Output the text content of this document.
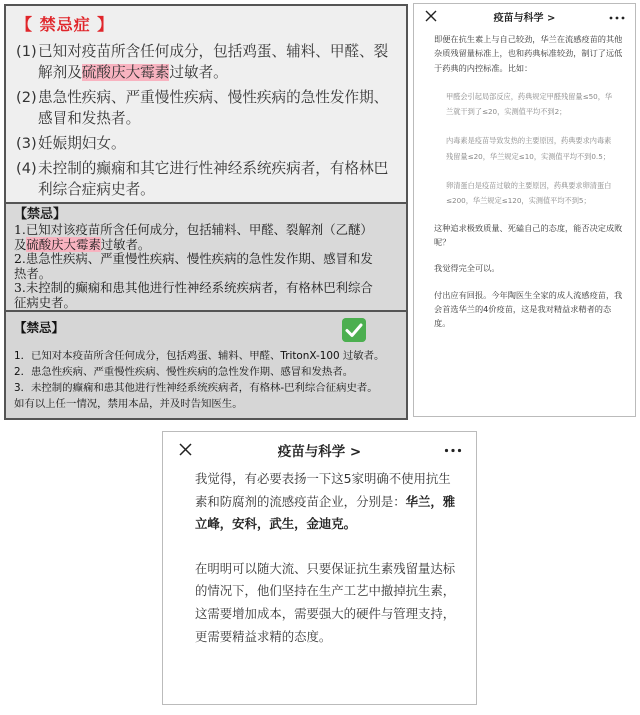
【 禁忌症 】
(1) 已知对疫苗所含任何成分，包括鸡蛋、辅料、甲醛、裂解剂及硫酸庆大霉素过敏者。
(2) 患急性疾病、严重慢性疾病、慢性疾病的急性发作期、感冒和发热者。
(3) 妊娠期妇女。
(4) 未控制的癫痫和其它进行性神经系统疾病者，有格林巴利综合症病史者。
【禁忌】
1.已知对该疫苗所含任何成分，包括辅料、甲醛、裂解剂（乙醚）
及硫酸庆大霉素过敏者。
2.患急性疾病、严重慢性疾病、慢性疾病的急性发作期、感冒和发
热者。
3.未控制的癫痫和患其他进行性神经系统疾病者，有格林巴利综合
征病史者。
【禁忌】
1．已知对本疫苗所含任何成分，包括鸡蛋、辅料、甲醛、TritonX-100 过敏者。
2．患急性疾病、严重慢性疾病、慢性疾病的急性发作期、感冒和发热者。
3．未控制的癫痫和患其他进行性神经系统疾病者，有格林-巴利综合征病史者。
如有以上任一情况，禁用本品，并及时告知医生。
疫苗与科学 >

即便在抗生素上与自己较劲，华兰在流感疫苗的其他杂质残留量标准上，也和药典标准较劲，制订了远低于药典的内控标准。比如：

甲醛会引起局部反应，药典规定甲醛残留量≤50，华兰就干到了≤20，实测值平均不到2；

内毒素是疫苗导致发热的主要原因，药典要求内毒素残留量≤20，华兰规定≤10，实测值平均不到0.5；

卵清蛋白是疫苗过敏的主要原因，药典要求卵清蛋白≤200，华兰规定≤120，实测值平均不到5；

这种追求极致质量、死磕自己的态度，能否决定成败呢？

我觉得完全可以。

付出应有回报。今年陶医生全家的成人流感疫苗，我会首选华兰的4价疫苗，这是我对精益求精者的态度。

疫苗与科学 >

我觉得，有必要表扬一下这5家明确不使用抗生素和防腐剂的流感疫苗企业，分别是：华兰，雅立峰，安科，武生，金迪克。

在明明可以随大流、只要保证抗生素残留量达标的情况下，他们坚持在生产工艺中撤掉抗生素，这需要增加成本，需要强大的硬件与管理支持，更需要精益求精的态度。
